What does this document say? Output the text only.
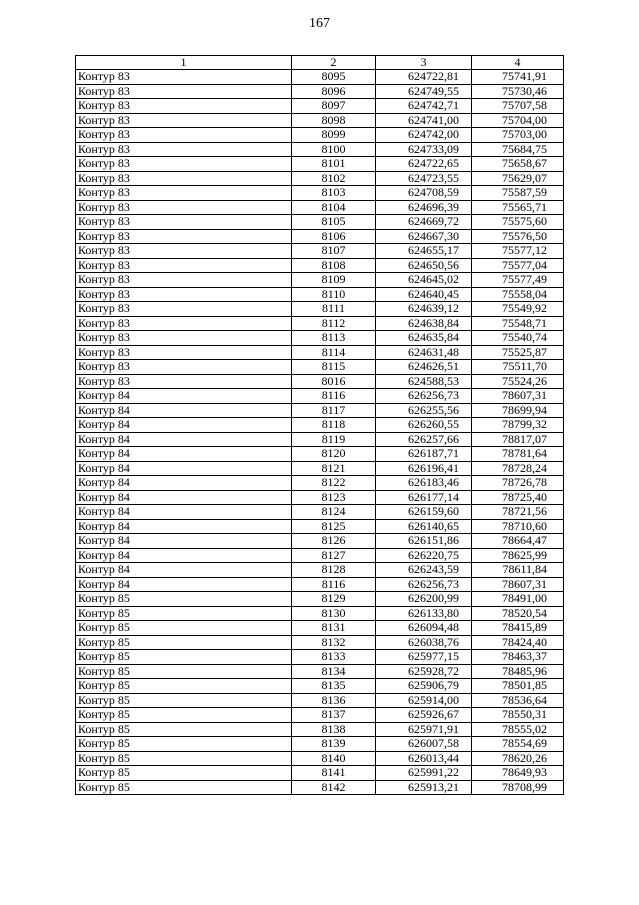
167
1	2	3	4
Контур 83	8095	624722,81	75741,91
Контур 83	8096	624749,55	75730,46
Контур 83	8097	624742,71	75707,58
Контур 83	8098	624741,00	75704,00
Контур 83	8099	624742,00	75703,00
Контур 83	8100	624733,09	75684,75
Контур 83	8101	624722,65	75658,67
Контур 83	8102	624723,55	75629,07
Контур 83	8103	624708,59	75587,59
Контур 83	8104	624696,39	75565,71
Контур 83	8105	624669,72	75575,60
Контур 83	8106	624667,30	75576,50
Контур 83	8107	624655,17	75577,12
Контур 83	8108	624650,56	75577,04
Контур 83	8109	624645,02	75577,49
Контур 83	8110	624640,45	75558,04
Контур 83	8111	624639,12	75549,92
Контур 83	8112	624638,84	75548,71
Контур 83	8113	624635,84	75540,74
Контур 83	8114	624631,48	75525,87
Контур 83	8115	624626,51	75511,70
Контур 83	8016	624588,53	75524,26
Контур 84	8116	626256,73	78607,31
Контур 84	8117	626255,56	78699,94
Контур 84	8118	626260,55	78799,32
Контур 84	8119	626257,66	78817,07
Контур 84	8120	626187,71	78781,64
Контур 84	8121	626196,41	78728,24
Контур 84	8122	626183,46	78726,78
Контур 84	8123	626177,14	78725,40
Контур 84	8124	626159,60	78721,56
Контур 84	8125	626140,65	78710,60
Контур 84	8126	626151,86	78664,47
Контур 84	8127	626220,75	78625,99
Контур 84	8128	626243,59	78611,84
Контур 84	8116	626256,73	78607,31
Контур 85	8129	626200,99	78491,00
Контур 85	8130	626133,80	78520,54
Контур 85	8131	626094,48	78415,89
Контур 85	8132	626038,76	78424,40
Контур 85	8133	625977,15	78463,37
Контур 85	8134	625928,72	78485,96
Контур 85	8135	625906,79	78501,85
Контур 85	8136	625914,00	78536,64
Контур 85	8137	625926,67	78550,31
Контур 85	8138	625971,91	78555,02
Контур 85	8139	626007,58	78554,69
Контур 85	8140	626013,44	78620,26
Контур 85	8141	625991,22	78649,93
Контур 85	8142	625913,21	78708,99
